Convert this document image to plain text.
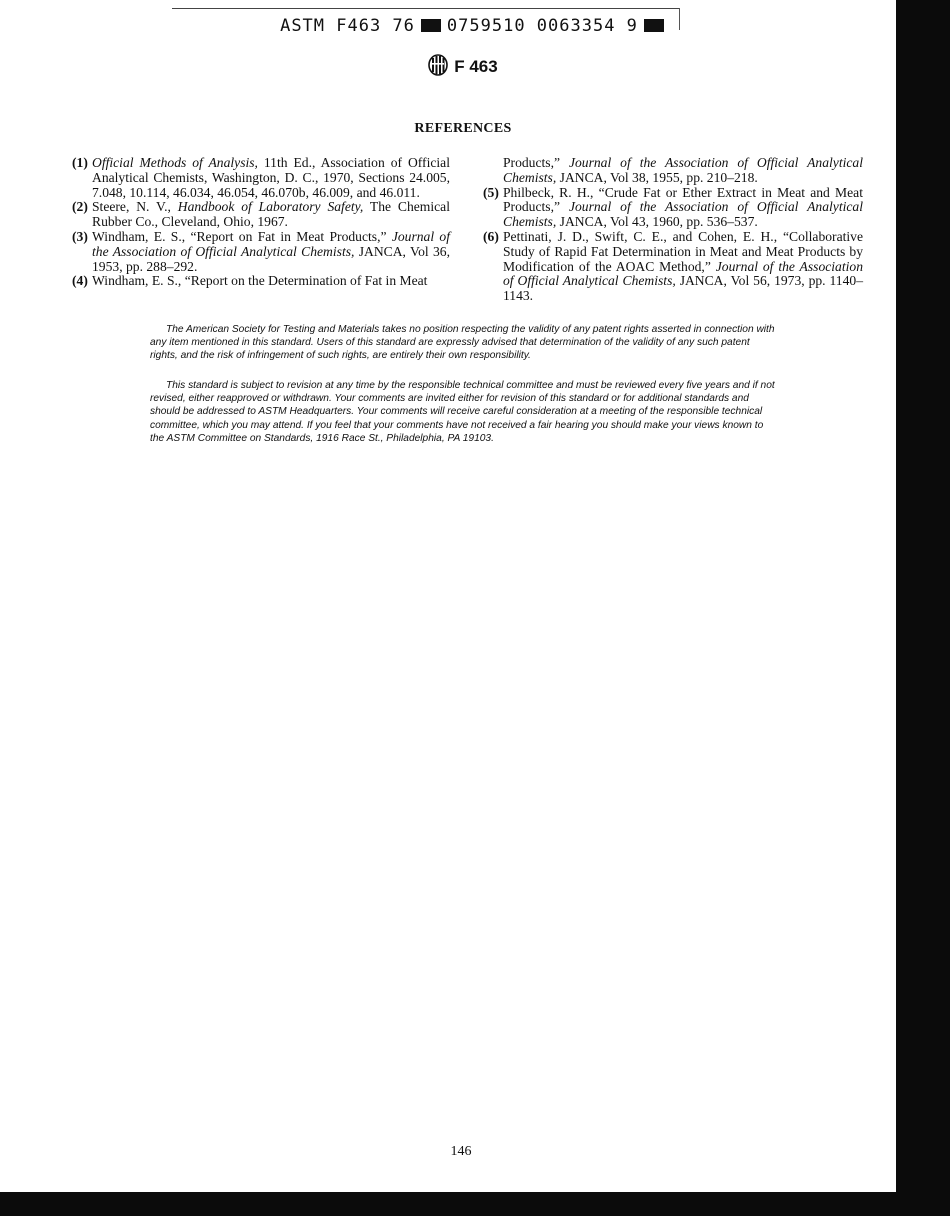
ASTM F463 76 0759510 0063354 9
F 463
REFERENCES

(1) Official Methods of Analysis, 11th Ed., Association of Official Analytical Chemists, Washington, D. C., 1970, Sections 24.005, 7.048, 10.114, 46.034, 46.054, 46.070b, 46.009, and 46.011.

(2) Steere, N. V., Handbook of Laboratory Safety, The Chemical Rubber Co., Cleveland, Ohio, 1967.

(3) Windham, E. S., “Report on Fat in Meat Products,” Journal of the Association of Official Analytical Chemists, JANCA, Vol 36, 1953, pp. 288–292.

(4) Windham, E. S., “Report on the Determination of Fat in Meat

Products,” Journal of the Association of Official Analytical Chemists, JANCA, Vol 38, 1955, pp. 210–218.

(5) Philbeck, R. H., “Crude Fat or Ether Extract in Meat and Meat Products,” Journal of the Association of Official Analytical Chemists, JANCA, Vol 43, 1960, pp. 536–537.

(6) Pettinati, J. D., Swift, C. E., and Cohen, E. H., “Collaborative Study of Rapid Fat Determination in Meat and Meat Products by Modification of the AOAC Method,” Journal of the Association of Official Analytical Chemists, JANCA, Vol 56, 1973, pp. 1140–1143.

The American Society for Testing and Materials takes no position respecting the validity of any patent rights asserted in connection with any item mentioned in this standard. Users of this standard are expressly advised that determination of the validity of any such patent rights, and the risk of infringement of such rights, are entirely their own responsibility.

This standard is subject to revision at any time by the responsible technical committee and must be reviewed every five years and if not revised, either reapproved or withdrawn. Your comments are invited either for revision of this standard or for additional standards and should be addressed to ASTM Headquarters. Your comments will receive careful consideration at a meeting of the responsible technical committee, which you may attend. If you feel that your comments have not received a fair hearing you should make your views known to the ASTM Committee on Standards, 1916 Race St., Philadelphia, PA 19103.

146
